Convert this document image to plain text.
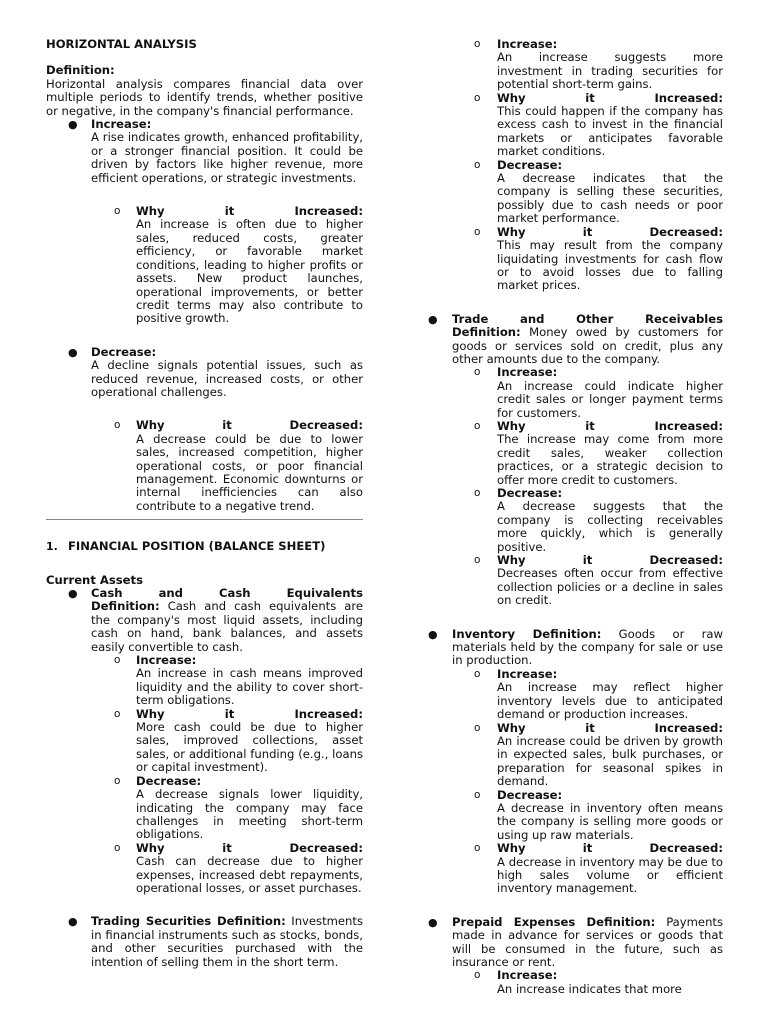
HORIZONTAL ANALYSIS

Definition:

Horizontal analysis compares financial data over multiple periods to identify trends, whether positive or negative, in the company's financial performance.

● Increase:

A rise indicates growth, enhanced profitability, or a stronger financial position. It could be driven by factors like higher revenue, more efficient operations, or strategic investments.

o Why	it	Increased:

An increase is often due to higher sales, reduced costs, greater efficiency, or favorable market conditions, leading to higher profits or assets. New product launches, operational improvements, or better credit terms may also contribute to positive growth.

● Decrease:

A decline signals potential issues, such as reduced revenue, increased costs, or other operational challenges.

o Why	it	Decreased:

A decrease could be due to lower sales, increased competition, higher operational costs, or poor financial management. Economic downturns or internal inefficiencies can also contribute to a negative trend.

1. FINANCIAL POSITION (BALANCE SHEET)

Current Assets

● Cash	and	Cash	Equivalents

Definition: Cash and cash equivalents are the company's most liquid assets, including cash on hand, bank balances, and assets easily convertible to cash.

o Increase:

An increase in cash means improved liquidity and the ability to cover short-term obligations.

o Why	it	Increased:

More cash could be due to higher sales, improved collections, asset sales, or additional funding (e.g., loans or capital investment).

o Decrease:

A decrease signals lower liquidity, indicating the company may face challenges in meeting short-term obligations.

o Why	it	Decreased:

Cash can decrease due to higher expenses, increased debt repayments, operational losses, or asset purchases.

● Trading Securities Definition: Investments in financial instruments such as stocks, bonds, and other securities purchased with the intention of selling them in the short term.

o Increase:

An increase suggests more investment in trading securities for potential short-term gains.

o Why	it	Increased:

This could happen if the company has excess cash to invest in the financial markets or anticipates favorable market conditions.

o Decrease:

A decrease indicates that the company is selling these securities, possibly due to cash needs or poor market performance.

o Why	it	Decreased:

This may result from the company liquidating investments for cash flow or to avoid losses due to falling market prices.

● Trade	and	Other	Receivables

Definition: Money owed by customers for goods or services sold on credit, plus any other amounts due to the company.

o Increase:

An increase could indicate higher credit sales or longer payment terms for customers.

o Why	it	Increased:

The increase may come from more credit sales, weaker collection practices, or a strategic decision to offer more credit to customers.

o Decrease:

A decrease suggests that the company is collecting receivables more quickly, which is generally positive.

o Why	it	Decreased:

Decreases often occur from effective collection policies or a decline in sales on credit.

● Inventory Definition: Goods or raw materials held by the company for sale or use in production.

o Increase:

An increase may reflect higher inventory levels due to anticipated demand or production increases.

o Why	it	Increased:

An increase could be driven by growth in expected sales, bulk purchases, or preparation for seasonal spikes in demand.

o Decrease:

A decrease in inventory often means the company is selling more goods or using up raw materials.

o Why	it	Decreased:

A decrease in inventory may be due to high sales volume or efficient inventory management.

● Prepaid Expenses Definition: Payments made in advance for services or goods that will be consumed in the future, such as insurance or rent.

o Increase:

An increase indicates that more
